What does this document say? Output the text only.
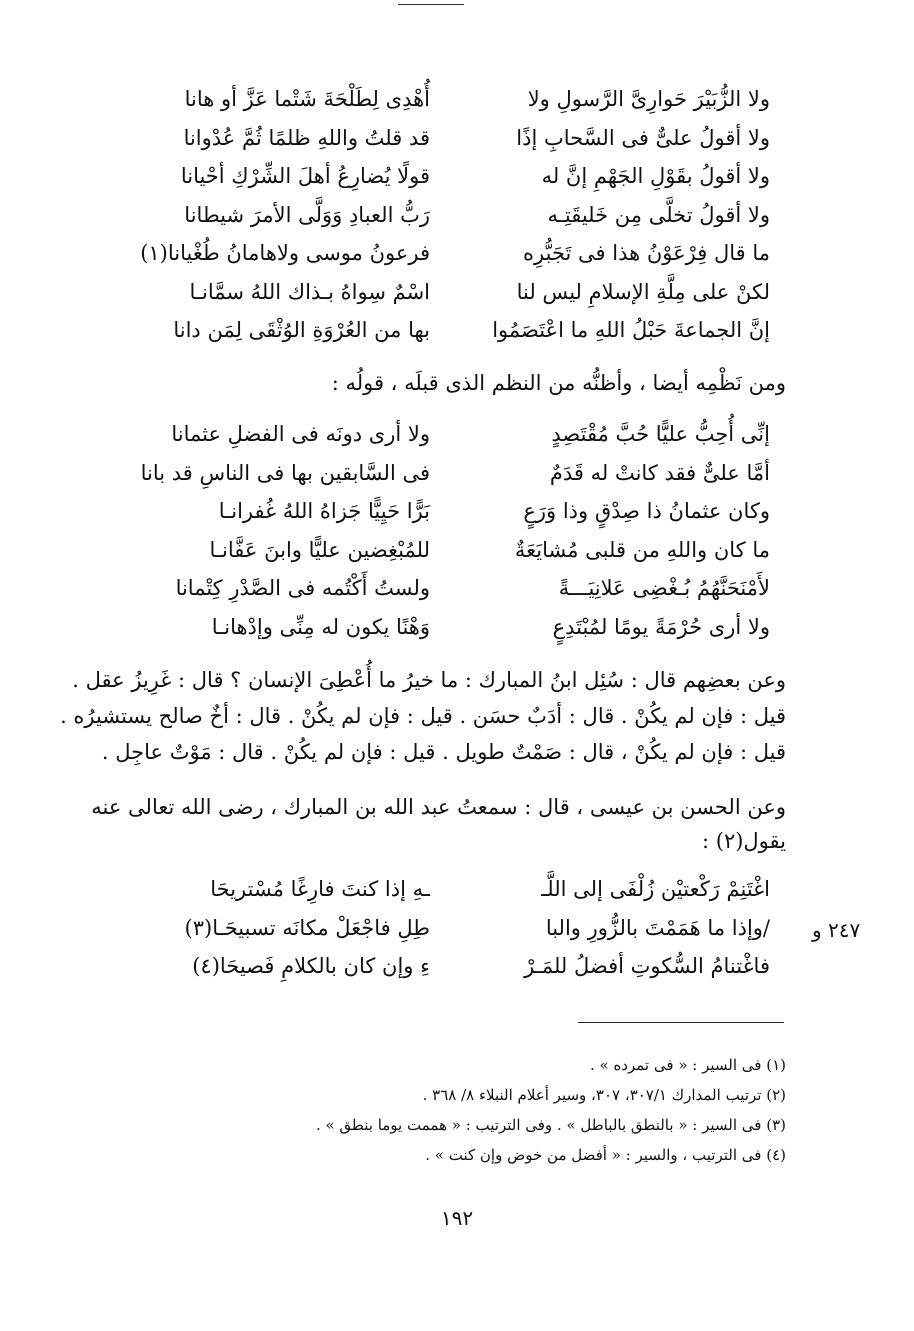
ولا الزُّبَيْرَ حَوارِىَّ الرَّسولِ ولا
أُهْدِى لِطَلْحَةَ شَتْما عَزَّ أو هانا
ولا أقولُ علىٌّ فى السَّحابِ إذًا
قد قلتُ واللهِ ظلمًا ثُمَّ عُدْوانا
ولا أقولُ بقَوْلِ الجَهْمِ إنَّ له
قولًا يُضارِعُ أهلَ الشِّرْكِ أحْيانا
ولا أقولُ تخلَّى مِن خَليقَتِـه
رَبُّ العبادِ وَوَلَّى الأمرَ شيطانا
ما قال فِرْعَوْنُ هذا فى تَجَبُّرِه
فرعونُ موسى ولاهامانُ طُغْيانا(١)
لكنْ على مِلَّةِ الإسلامِ ليس لنا
اسْمٌ سِواهُ بـذاك اللهُ سمَّانـا
إنَّ الجماعةَ حَبْلُ اللهِ ما اعْتَصَمُوا
بها من العُرْوَةِ الوُثْقَى لِمَن دانا
ومن نَظْمِه أيضا ، وأظنُّه من النظم الذى قبلَه ، قولُه :
إنِّى أُحِبُّ عليًّا حُبَّ مُقْتَصِدٍ
ولا أرى دونَه فى الفضلِ عثمانا
أمَّا علىٌّ فقد كانتْ له قَدَمٌ
فى السَّابقين بها فى الناسِ قد بانا
وكان عثمانُ ذا صِدْقٍ وذا وَرَعٍ
بَرًّا حَيِيًّا جَزاهُ اللهُ غُفرانـا
ما كان واللهِ من قلبى مُشايَعَةٌ
للمُبْغِضين عليًّا وابنَ عَفَّانـا
لأَمْنَحَنَّهُمُ بُـغْضِى عَلانِيَـــةً
ولستُ أَكْتُمه فى الصَّدْرِ كِتْمانا
ولا أرى حُرْمَةً يومًا لمُبْتَدِعٍ
وَهْنًا يكون له مِنِّى وإدْهانـا
وعن بعضِهم قال : سُئِل ابنُ المبارك : ما خيرُ ما أُعْطِىَ الإنسان ؟ قال : غَرِيزُ عقل .
قيل : فإن لم يكُنْ . قال : أدَبٌ حسَن . قيل : فإن لم يكُنْ . قال : أخٌ صالح يستشيرُه .
قيل : فإن لم يكُنْ ، قال : صَمْتٌ طويل . قيل : فإن لم يكُنْ . قال : مَوْتٌ عاجِل .
وعن الحسن بن عيسى ، قال : سمعتُ عبد الله بن المبارك ، رضى الله تعالى عنه
يقول(٢) :
اغْتَنِمْ رَكْعتيْن زُلْفَى إلى اللَّـ
ـهِ إذا كنتَ فارِغًا مُسْتريحَا
/وإذا ما هَمَمْتَ بالزُّورِ والبا
طِلِ فاجْعَلْ مكانَه تسبيحَـا(٣)
فاغْتنامُ السُّكوتِ أفضلُ للمَـرْ
ءِ وإن كان بالكلامِ فَصيحَا(٤)
٢٤٧ و
(١) فى السير : « فى تمرده » .
(٢) ترتيب المدارك ٣٠٧/١، ٣٠٧، وسير أعلام النبلاء ٨/ ٣٦٨ .
(٣) فى السير : « بالنطق بالباطل » . وفى الترتيب : « هممت يوما بنطق » .
(٤) فى الترتيب ، والسير : « أفضل من خوض وإن كنت » .
١٩٢
